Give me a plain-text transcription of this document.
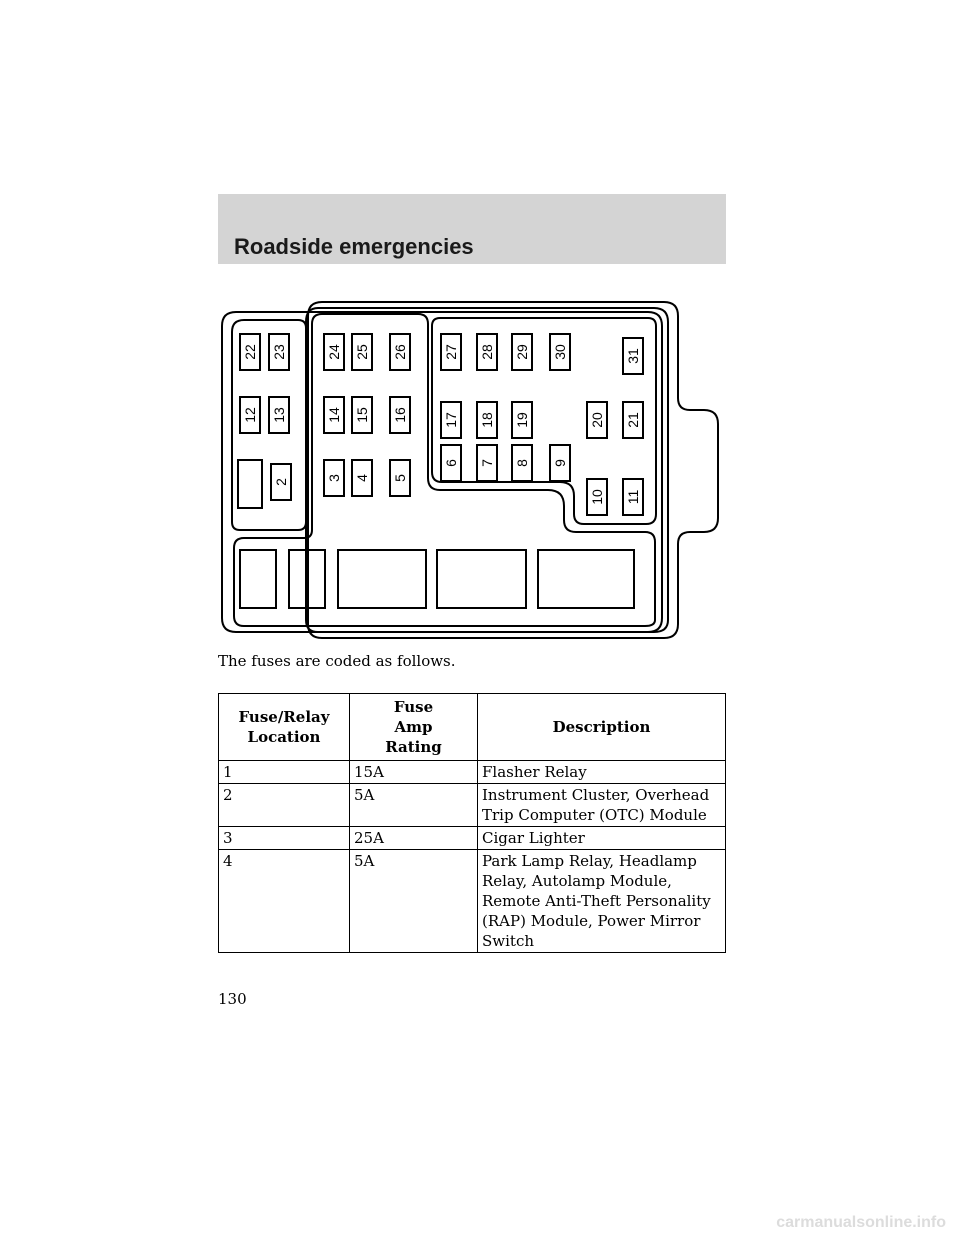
Roadside emergencies
22 23	24 25 26	27 28 29 30	31
12 13	14 15 16	17 18 19	20 21
6 7 8 9
2
3 4 5
10 11

The fuses are coded as follows.

Fuse/Relay Location	Fuse Amp Rating	Description
1	15A	Flasher Relay
2	5A	Instrument Cluster, Overhead Trip Computer (OTC) Module
3	25A	Cigar Lighter
4	5A	Park Lamp Relay, Headlamp Relay, Autolamp Module, Remote Anti-Theft Personality (RAP) Module, Power Mirror Switch

130

carmanualsonline.info
